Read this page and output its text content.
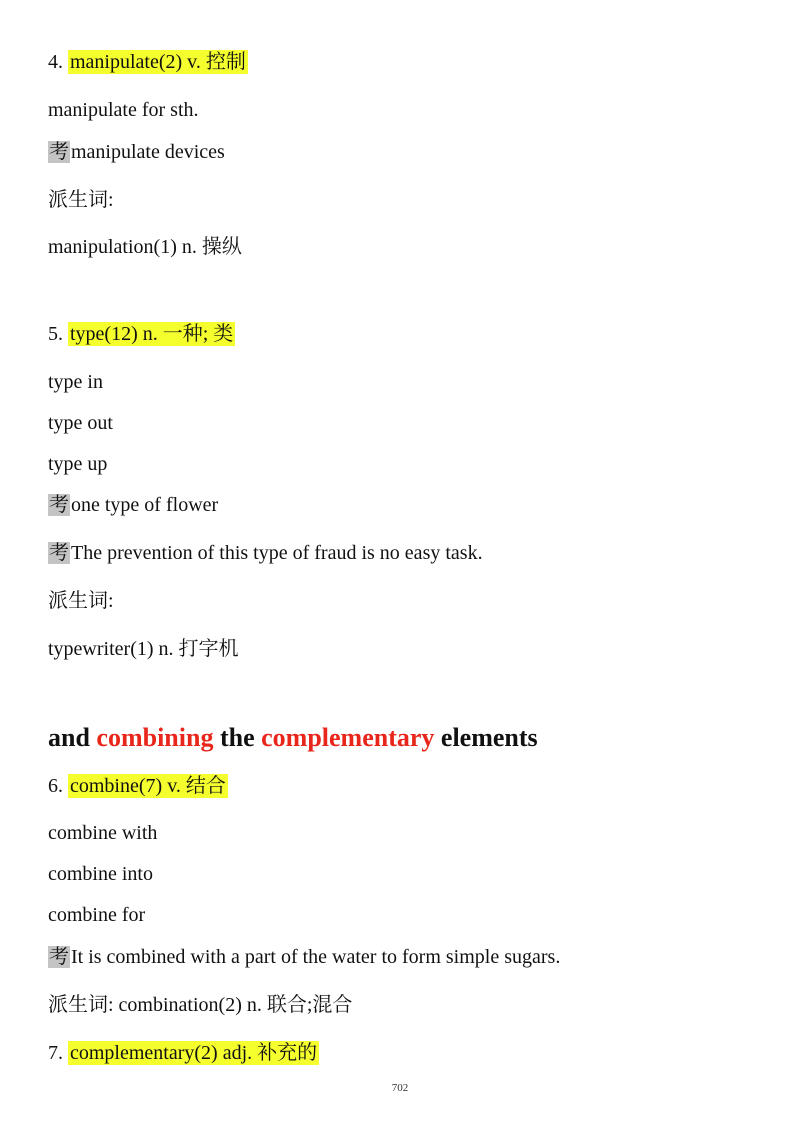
4. manipulate(2) v. 控制
manipulate for sth.
考 manipulate devices
派生词:
manipulation(1) n. 操纵
5. type(12) n. 一种; 类
type in
type out
type up
考 one type of flower
考 The prevention of this type of fraud is no easy task.
派生词:
typewriter(1) n. 打字机
and combining the complementary elements
6. combine(7) v. 结合
combine with
combine into
combine for
考 It is combined with a part of the water to form simple sugars.
派生词: combination(2) n. 联合;混合
7. complementary(2) adj. 补充的
702
